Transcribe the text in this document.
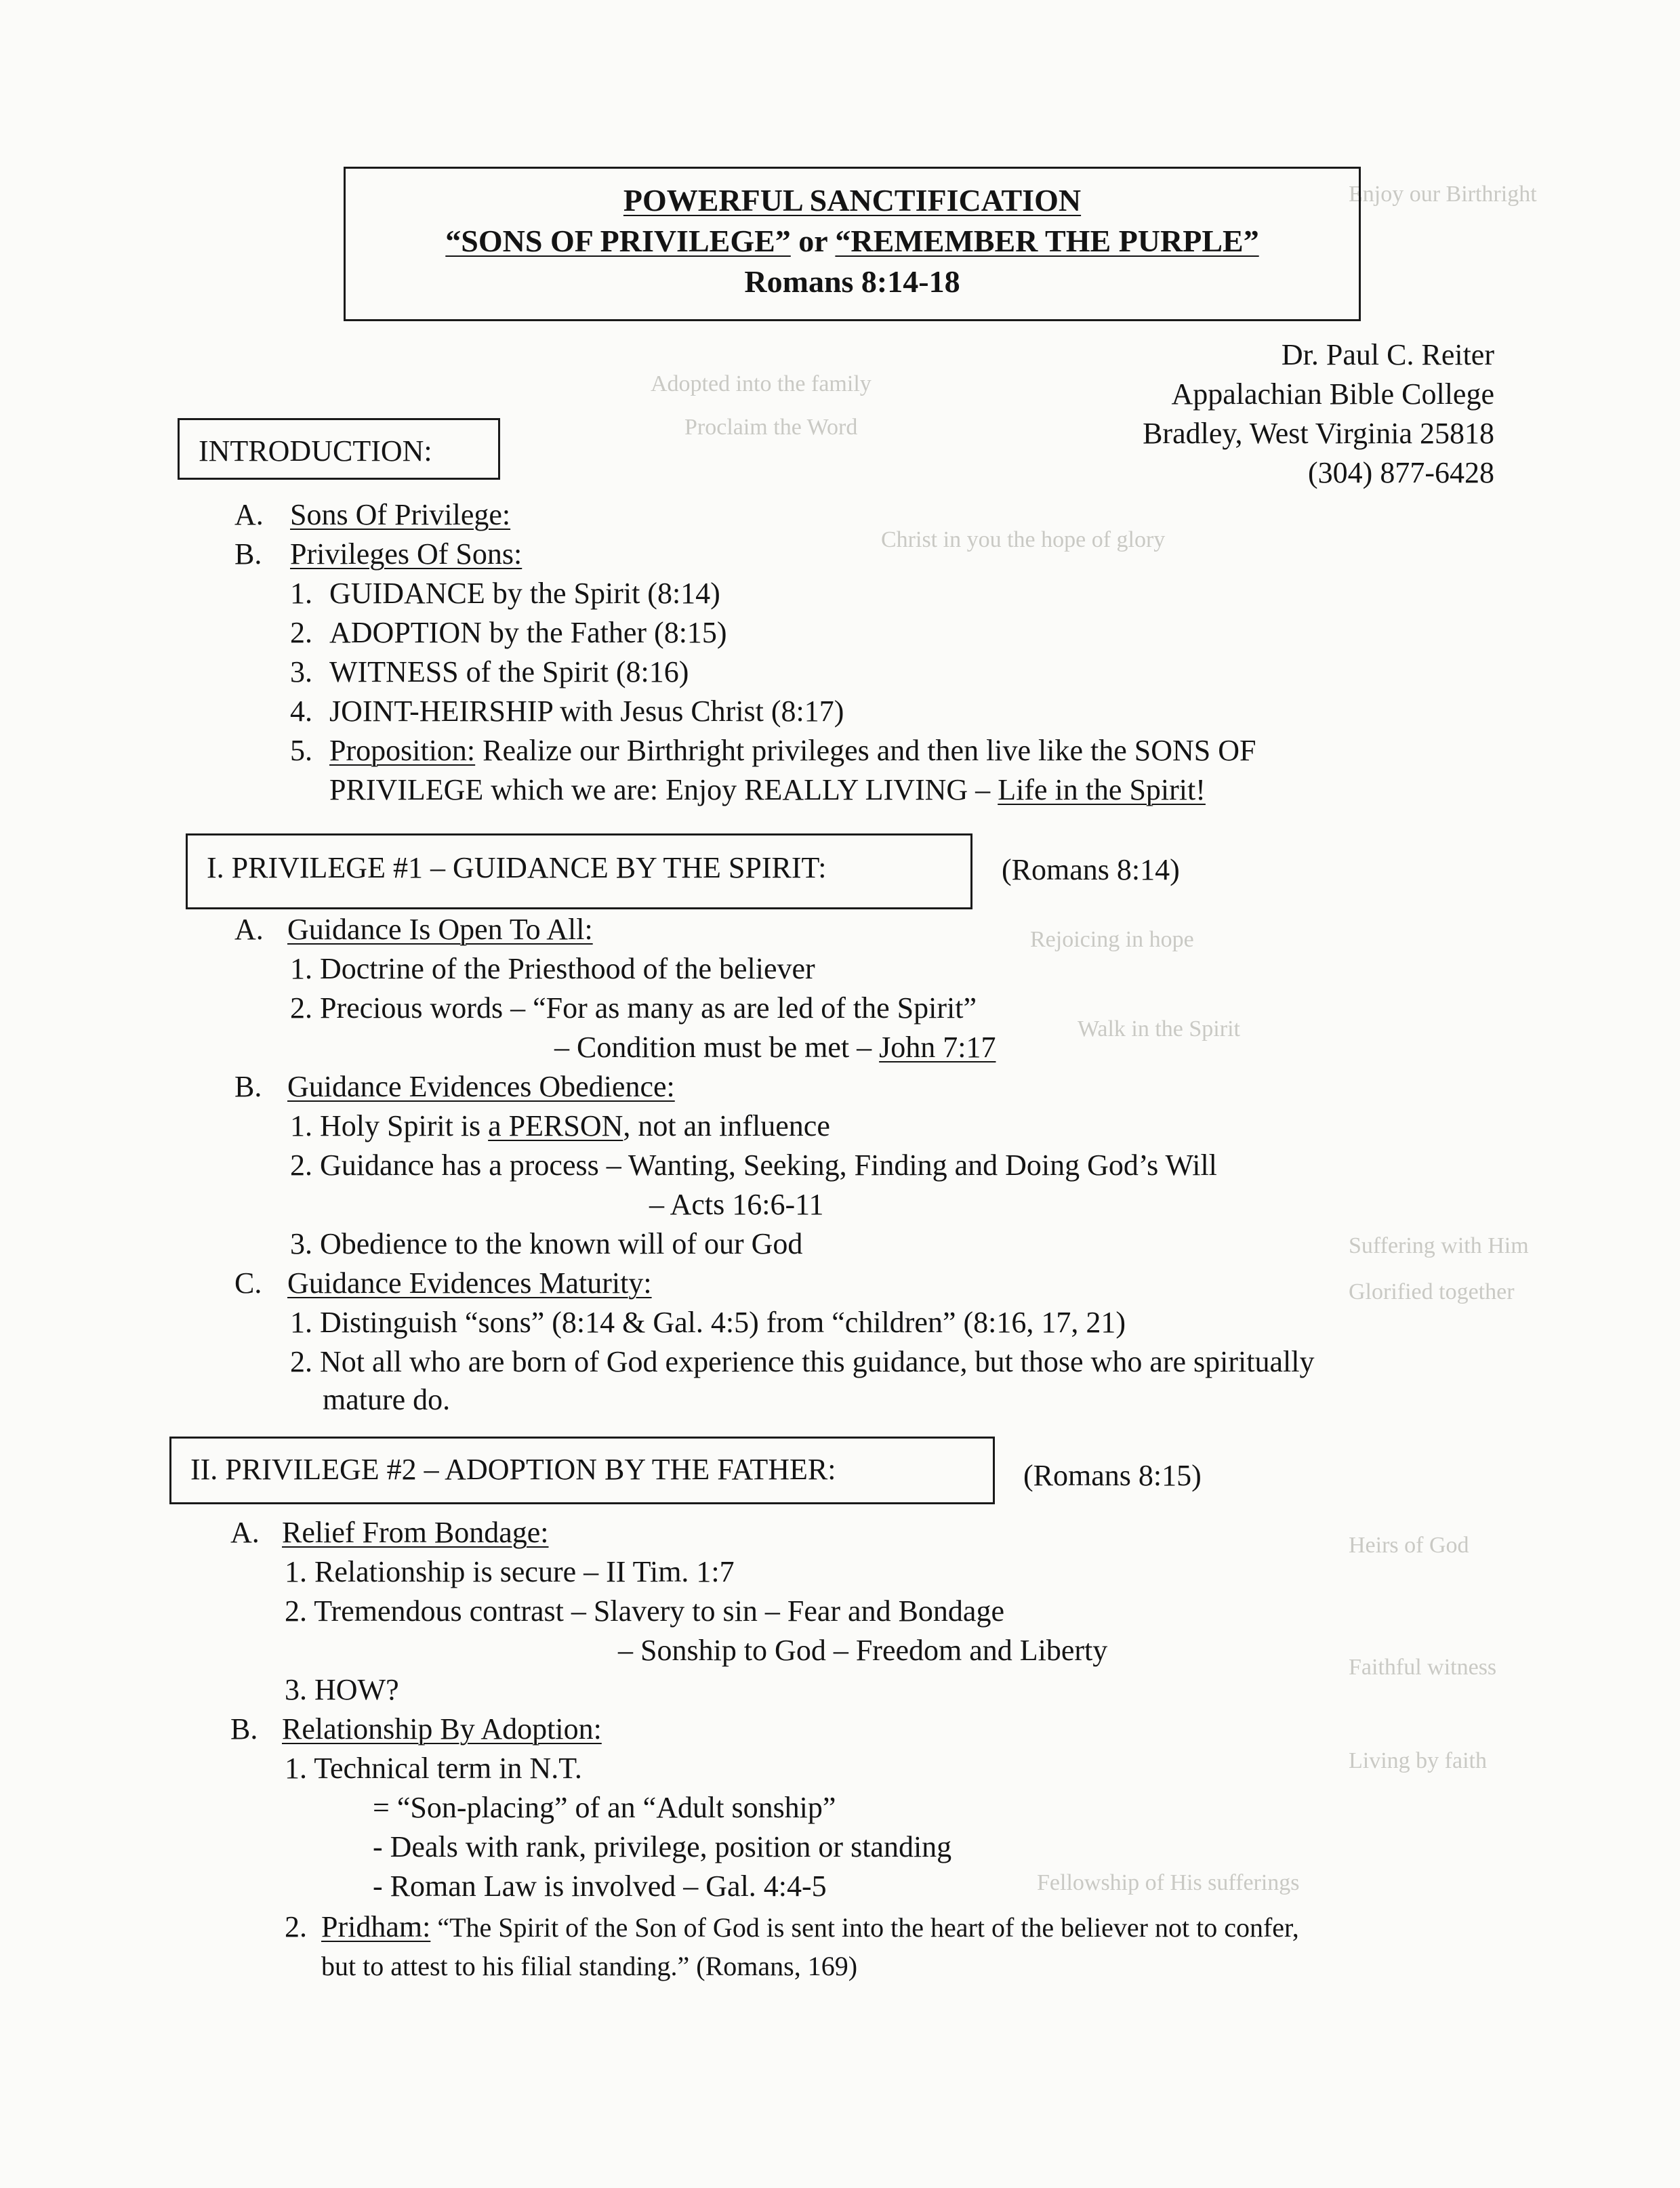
Enjoy our Birthright
Adopted into the family
Proclaim the Word
Christ in you the hope of glory
Rejoicing in hope
Walk in the Spirit
Suffering with Him
Glorified together
Heirs of God
Faithful witness
Living by faith
Fellowship of His sufferings
POWERFUL SANCTIFICATION
“SONS OF PRIVILEGE” or “REMEMBER THE PURPLE”
Romans 8:14-18
Dr. Paul C. Reiter
Appalachian Bible College
Bradley, West Virginia 25818
(304) 877-6428
INTRODUCTION:
A. Sons Of Privilege:
B. Privileges Of Sons:
1. GUIDANCE by the Spirit (8:14)
2. ADOPTION by the Father (8:15)
3. WITNESS of the Spirit (8:16)
4. JOINT-HEIRSHIP with Jesus Christ (8:17)
5. Proposition: Realize our Birthright privileges and then live like the SONS OF
PRIVILEGE which we are: Enjoy REALLY LIVING – Life in the Spirit!
I. PRIVILEGE #1 – GUIDANCE BY THE SPIRIT:	(Romans 8:14)
A. Guidance Is Open To All:
1. Doctrine of the Priesthood of the believer
2. Precious words – “For as many as are led of the Spirit”
– Condition must be met – John 7:17
B. Guidance Evidences Obedience:
1. Holy Spirit is a PERSON, not an influence
2. Guidance has a process – Wanting, Seeking, Finding and Doing God’s Will
– Acts 16:6-11
3. Obedience to the known will of our God
C. Guidance Evidences Maturity:
1. Distinguish “sons” (8:14 & Gal. 4:5) from “children” (8:16, 17, 21)
2. Not all who are born of God experience this guidance, but those who are spiritually
mature do.
II. PRIVILEGE #2 – ADOPTION BY THE FATHER:	(Romans 8:15)
A. Relief From Bondage:
1. Relationship is secure – II Tim. 1:7
2. Tremendous contrast – Slavery to sin – Fear and Bondage
– Sonship to God – Freedom and Liberty
3. HOW?
B. Relationship By Adoption:
1. Technical term in N.T.
= “Son-placing” of an “Adult sonship”
- Deals with rank, privilege, position or standing
- Roman Law is involved – Gal. 4:4-5
2. Pridham: “The Spirit of the Son of God is sent into the heart of the believer not to confer,
but to attest to his filial standing.” (Romans, 169)
